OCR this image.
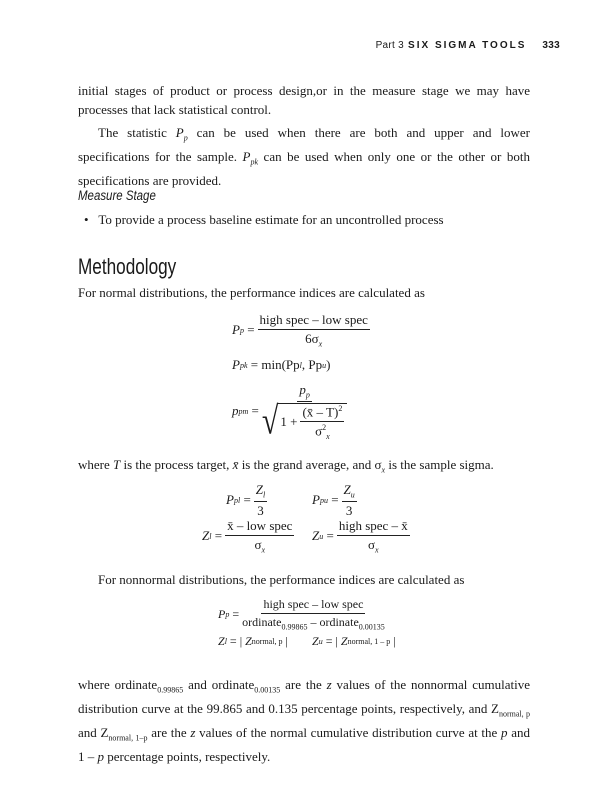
Part 3 SIX SIGMA TOOLS 333
initial stages of product or process design,or in the measure stage we may have processes that lack statistical control.
The statistic $P_p$ can be used when there are both and upper and lower specifications for the sample. $P_{pk}$ can be used when only one or the other or both specifications are provided.
Measure Stage
•   To provide a process baseline estimate for an uncontrolled process
Methodology
For normal distributions, the performance indices are calculated as
P p
=
high spec – low spec
$6\sigma_x$
P pk
= min(Pp l , Pp u )
p pm
= $\frac{p_p}{√ 1 + \frac{(x̄ - T)^2}{\sigma^2_x}}$
where T is the process target, x̄ is the grand average, and $\sigma_x$ is the sample sigma.
P pl
= $\frac{Z_l}{3}$	P pu
= $\frac{Z_u}{3}$
Z l
=
x̄ – low spec
$\sigma_x$
Z u
=
high spec – x̄
$\sigma_x$
For nonnormal distributions, the performance indices are calculated as
P p
=
high spec – low spec
ordinate$_{0.99865}$ – ordinate$_{0.00135}$
Z l
=
|
Z normal, p
| Z u
=
|
Z normal, 1 – p
|
where ordinate$_{0.99865}$ and ordinate$_{0.00135}$ are the z values of the nonnormal cumulative distribution curve at the 99.865 and 0.135 percentage points, respectively, and $Z_{normal, p}$ and $Z_{normal, 1-p}$ are the z values of the normal cumulative distribution curve at the p and 1 – p percentage points, respectively.
